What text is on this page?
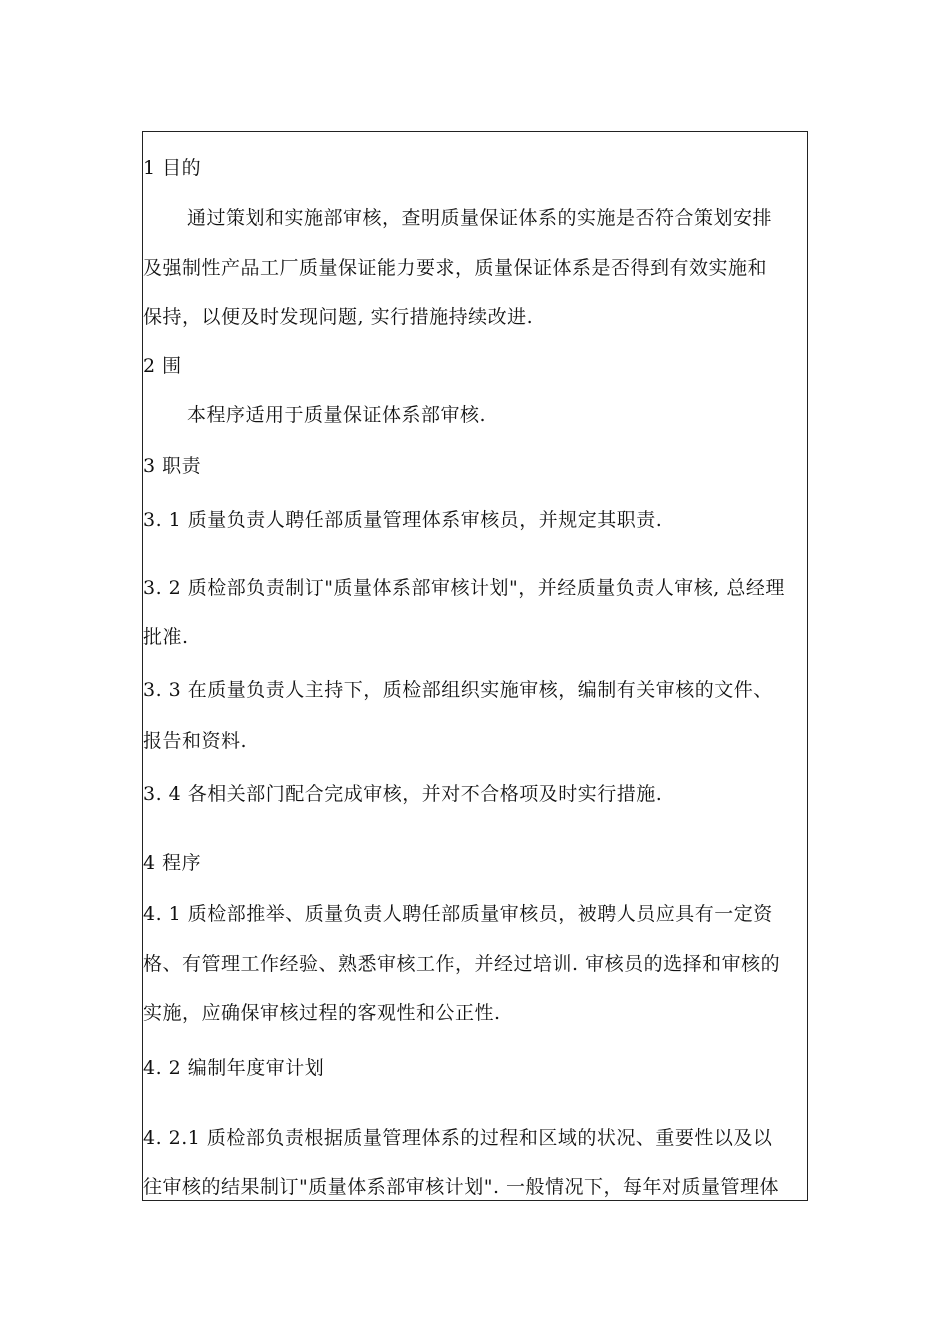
1 目的
通过策划和实施部审核，查明质量保证体系的实施是否符合策划安排
及强制性产品工厂质量保证能力要求，质量保证体系是否得到有效实施和
保持，以便及时发现问题, 实行措施持续改进.
2 围
本程序适用于质量保证体系部审核.
3 职责
3. 1 质量负责人聘任部质量管理体系审核员，并规定其职责.
3. 2 质检部负责制订"质量体系部审核计划"，并经质量负责人审核, 总经理
批准.
3. 3 在质量负责人主持下，质检部组织实施审核，编制有关审核的文件、
报告和资料.
3. 4 各相关部门配合完成审核，并对不合格项及时实行措施.
4 程序
4. 1 质检部推举、质量负责人聘任部质量审核员，被聘人员应具有一定资
格、有管理工作经验、熟悉审核工作，并经过培训. 审核员的选择和审核的
实施，应确保审核过程的客观性和公正性.
4. 2 编制年度审计划
4. 2.1 质检部负责根据质量管理体系的过程和区域的状况、重要性以及以
往审核的结果制订"质量体系部审核计划". 一般情况下，每年对质量管理体
